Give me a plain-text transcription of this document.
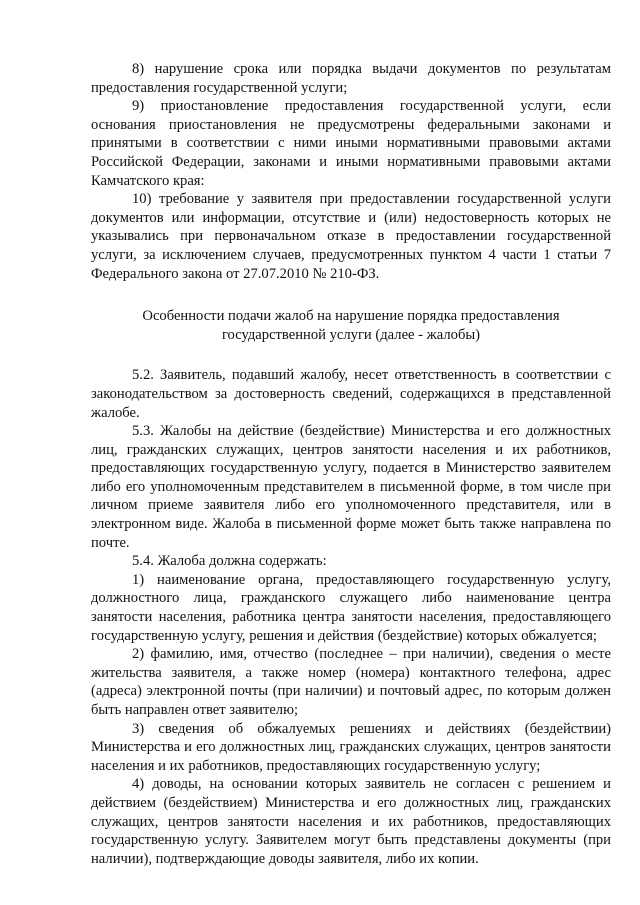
8) нарушение срока или порядка выдачи документов по результатам предоставления государственной услуги;

9) приостановление предоставления государственной услуги, если основания приостановления не предусмотрены федеральными законами и принятыми в соответствии с ними иными нормативными правовыми актами Российской Федерации, законами и иными нормативными правовыми актами Камчатского края:

10) требование у заявителя при предоставлении государственной услуги документов или информации, отсутствие и (или) недостоверность которых не указывались при первоначальном отказе в предоставлении государственной услуги, за исключением случаев, предусмотренных пунктом 4 части 1 статьи 7 Федерального закона от 27.07.2010 № 210-ФЗ.

Особенности подачи жалоб на нарушение порядка предоставления
государственной услуги (далее - жалобы)

5.2. Заявитель, подавший жалобу, несет ответственность в соответствии с законодательством за достоверность сведений, содержащихся в представленной жалобе.

5.3. Жалобы на действие (бездействие) Министерства и его должностных лиц, гражданских служащих, центров занятости населения и их работников, предоставляющих государственную услугу, подается в Министерство заявителем либо его уполномоченным представителем в письменной форме, в том числе при личном приеме заявителя либо его уполномоченного представителя, или в электронном виде. Жалоба в письменной форме может быть также направлена по почте.

5.4. Жалоба должна содержать:

1) наименование органа, предоставляющего государственную услугу, должностного лица, гражданского служащего либо наименование центра занятости населения, работника центра занятости населения, предоставляющего государственную услугу, решения и действия (бездействие) которых обжалуется;

2) фамилию, имя, отчество (последнее – при наличии), сведения о месте жительства заявителя, а также номер (номера) контактного телефона, адрес (адреса) электронной почты (при наличии) и почтовый адрес, по которым должен быть направлен ответ заявителю;

3) сведения об обжалуемых решениях и действиях (бездействии) Министерства и его должностных лиц, гражданских служащих, центров занятости населения и их работников, предоставляющих государственную услугу;

4) доводы, на основании которых заявитель не согласен с решением и действием (бездействием) Министерства и его должностных лиц, гражданских служащих, центров занятости населения и их работников, предоставляющих государственную услугу. Заявителем могут быть представлены документы (при наличии), подтверждающие доводы заявителя, либо их копии.
